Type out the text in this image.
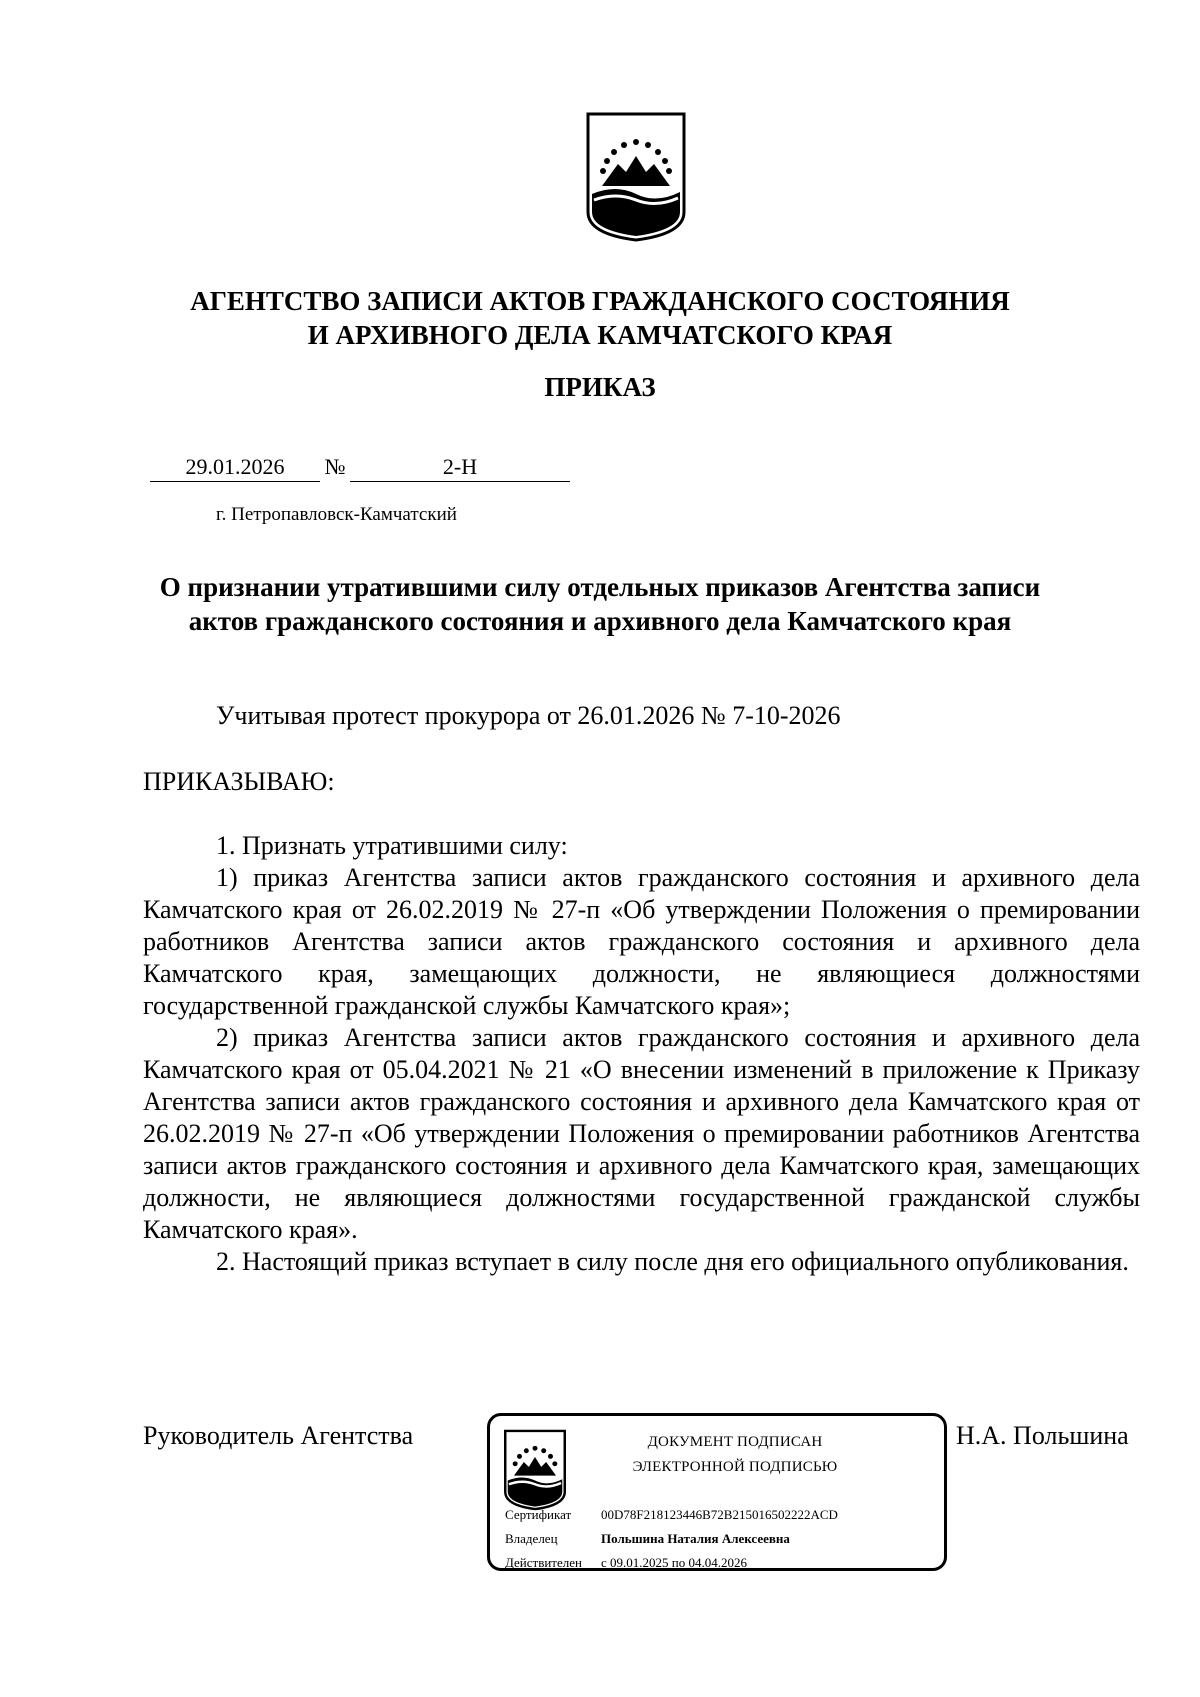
АГЕНТСТВО ЗАПИСИ АКТОВ ГРАЖДАНСКОГО СОСТОЯНИЯ
И АРХИВНОГО ДЕЛА КАМЧАТСКОГО КРАЯ
ПРИКАЗ
29.01.2026	№	2-Н
г. Петропавловск-Камчатский
О признании утратившими силу отдельных приказов Агентства записи
актов гражданского состояния и архивного дела Камчатского края
Учитывая протест прокурора от 26.01.2026 № 7-10-2026
ПРИКАЗЫВАЮ:
1. Признать утратившими силу:
1) приказ Агентства записи актов гражданского состояния и архивного дела Камчатского края от 26.02.2019 № 27-п «Об утверждении Положения о премировании работников Агентства записи актов гражданского состояния и архивного дела Камчатского края, замещающих должности, не являющиеся должностями государственной гражданской службы Камчатского края»;
2) приказ Агентства записи актов гражданского состояния и архивного дела Камчатского края от 05.04.2021 № 21 «О внесении изменений в приложение к Приказу Агентства записи актов гражданского состояния и архивного дела Камчатского края от 26.02.2019 № 27-п «Об утверждении Положения о премировании работников Агентства записи актов гражданского состояния и архивного дела Камчатского края, замещающих должности, не являющиеся должностями государственной гражданской службы Камчатского края».
2. Настоящий приказ вступает в силу после дня его официального опубликования.
Руководитель Агентства	Н.А. Польшина
ДОКУМЕНТ ПОДПИСАН
ЭЛЕКТРОННОЙ ПОДПИСЬЮ
Сертификат 00D78F218123446B72B215016502222ACD
Владелец	Польшина Наталия Алексеевна
Действителен с 09.01.2025 по 04.04.2026
